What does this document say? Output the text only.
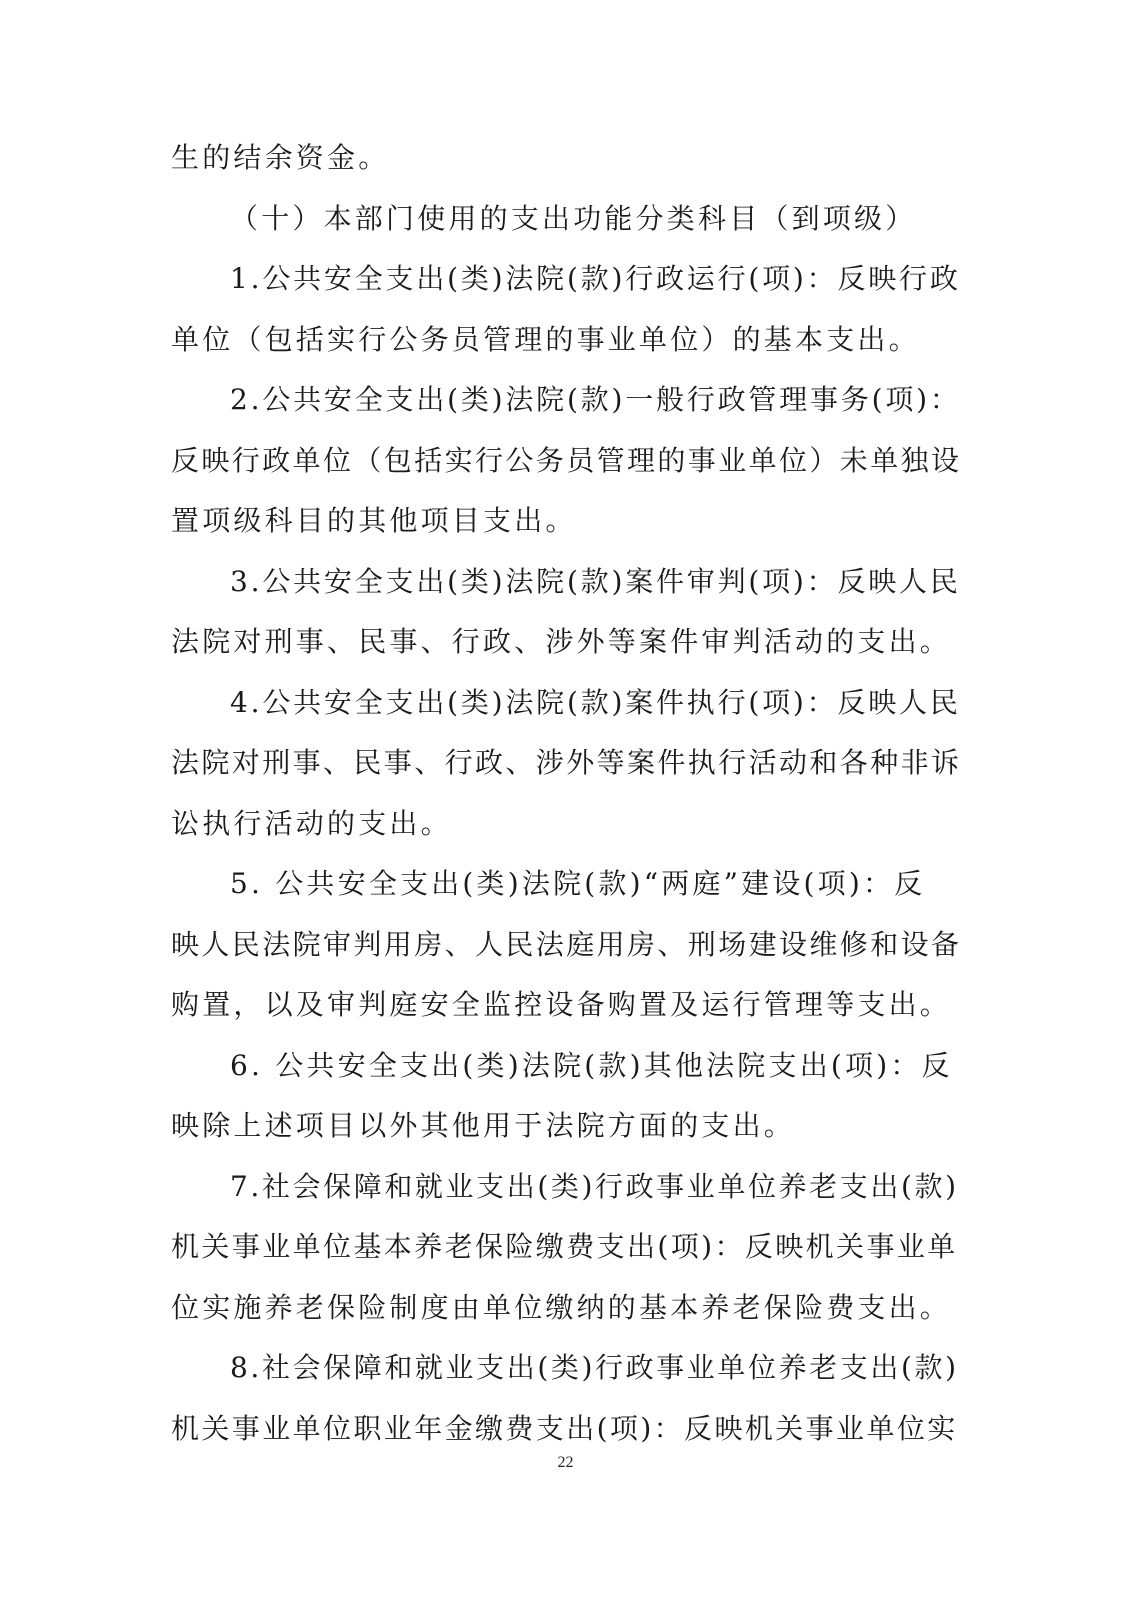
生的结余资金。
（十）本部门使用的支出功能分类科目（到项级）
1.公共安全支出(类)法院(款)行政运行(项)：反映行政
单位（包括实行公务员管理的事业单位）的基本支出。
2.公共安全支出(类)法院(款)一般行政管理事务(项)：
反映行政单位（包括实行公务员管理的事业单位）未单独设
置项级科目的其他项目支出。
3.公共安全支出(类)法院(款)案件审判(项)：反映人民
法院对刑事、民事、行政、涉外等案件审判活动的支出。
4.公共安全支出(类)法院(款)案件执行(项)：反映人民
法院对刑事、民事、行政、涉外等案件执行活动和各种非诉
讼执行活动的支出。
5. 公共安全支出(类)法院(款)“两庭”建设(项)：反
映人民法院审判用房、人民法庭用房、刑场建设维修和设备
购置，以及审判庭安全监控设备购置及运行管理等支出。
6. 公共安全支出(类)法院(款)其他法院支出(项)：反
映除上述项目以外其他用于法院方面的支出。
7.社会保障和就业支出(类)行政事业单位养老支出(款)
机关事业单位基本养老保险缴费支出(项)：反映机关事业单
位实施养老保险制度由单位缴纳的基本养老保险费支出。
8.社会保障和就业支出(类)行政事业单位养老支出(款)
机关事业单位职业年金缴费支出(项)：反映机关事业单位实
22
